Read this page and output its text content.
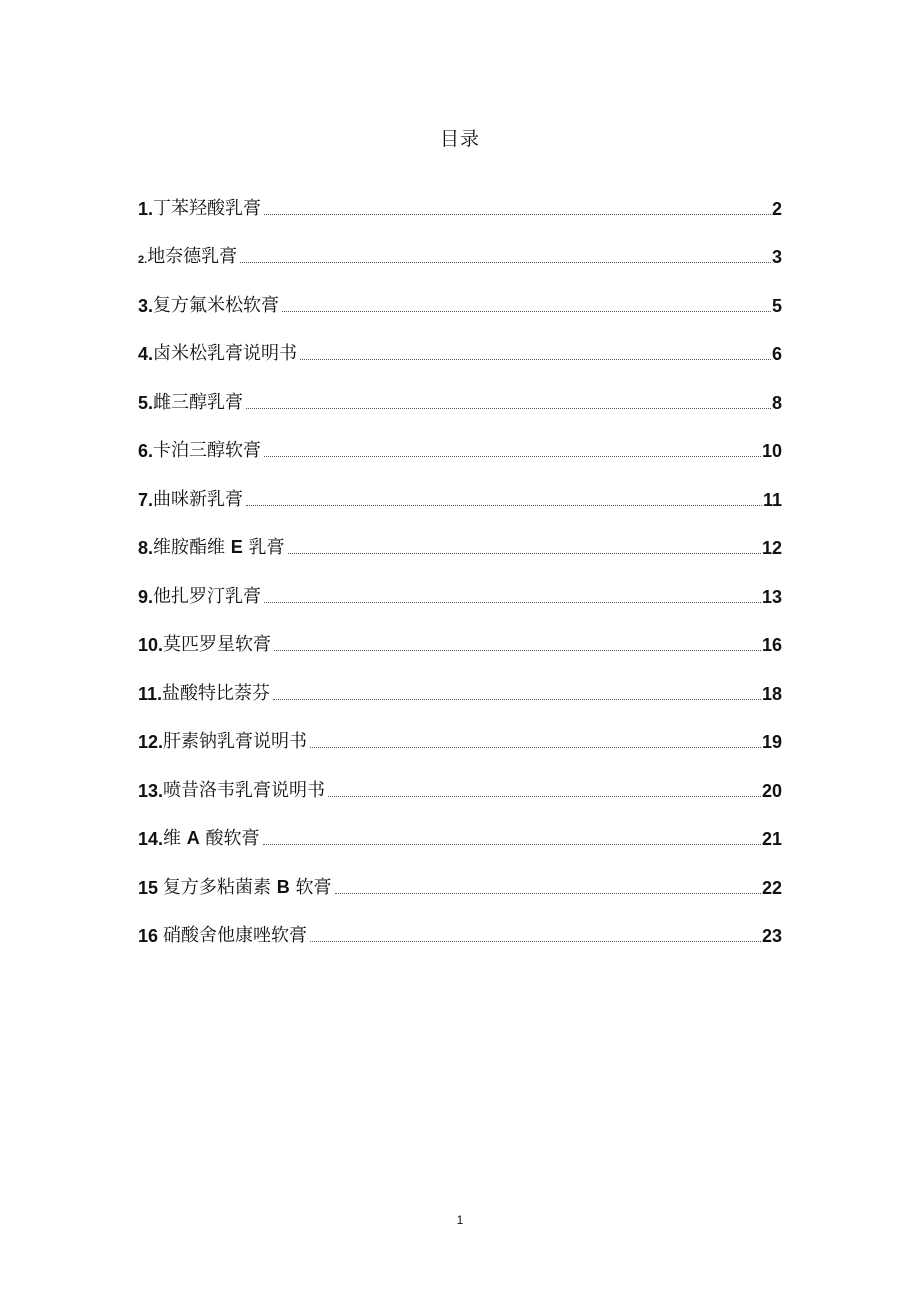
目录
1. 丁苯羟酸乳膏	2
2. 地奈德乳膏	3
3. 复方氟米松软膏	5
4. 卤米松乳膏说明书	6
5. 雌三醇乳膏	8
6. 卡泊三醇软膏	10
7. 曲咪新乳膏	11
8. 维胺酯维 E 乳膏	12
9. 他扎罗汀乳膏	13
10. 莫匹罗星软膏	16
11. 盐酸特比萘芬	18
12. 肝素钠乳膏说明书	19
13. 喷昔洛韦乳膏说明书	20
14. 维 A 酸软膏	21
15 复方多粘菌素 B 软膏	22
16 硝酸舍他康唑软膏	23
1
